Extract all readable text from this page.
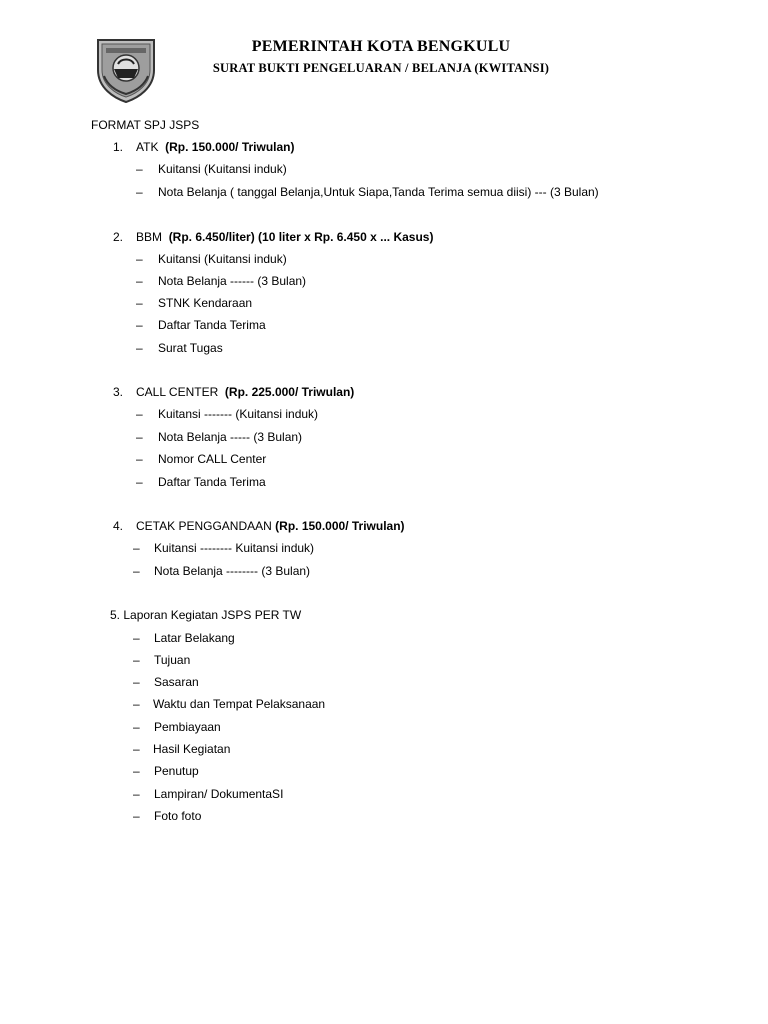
PEMERINTAH KOTA BENGKULU
SURAT BUKTI PENGELUARAN / BELANJA (KWITANSI)
FORMAT SPJ JSPS
1. ATK (Rp. 150.000/ Triwulan)
– Kuitansi (Kuitansi induk)
– Nota Belanja ( tanggal Belanja,Untuk Siapa,Tanda Terima semua diisi) --- (3 Bulan)
2. BBM (Rp. 6.450/liter) (10 liter x Rp. 6.450 x ... Kasus)
– Kuitansi (Kuitansi induk)
– Nota Belanja ------ (3 Bulan)
– STNK Kendaraan
– Daftar Tanda Terima
– Surat Tugas
3. CALL CENTER (Rp. 225.000/ Triwulan)
– Kuitansi ------- (Kuitansi induk)
– Nota Belanja ----- (3 Bulan)
– Nomor CALL Center
– Daftar Tanda Terima
4. CETAK PENGGANDAAN (Rp. 150.000/ Triwulan)
– Kuitansi -------- Kuitansi induk)
– Nota Belanja -------- (3 Bulan)
5. Laporan Kegiatan JSPS PER TW
– Latar Belakang
– Tujuan
– Sasaran
– Waktu dan Tempat Pelaksanaan
– Pembiayaan
– Hasil Kegiatan
– Penutup
– Lampiran/ DokumentaSI
– Foto foto
